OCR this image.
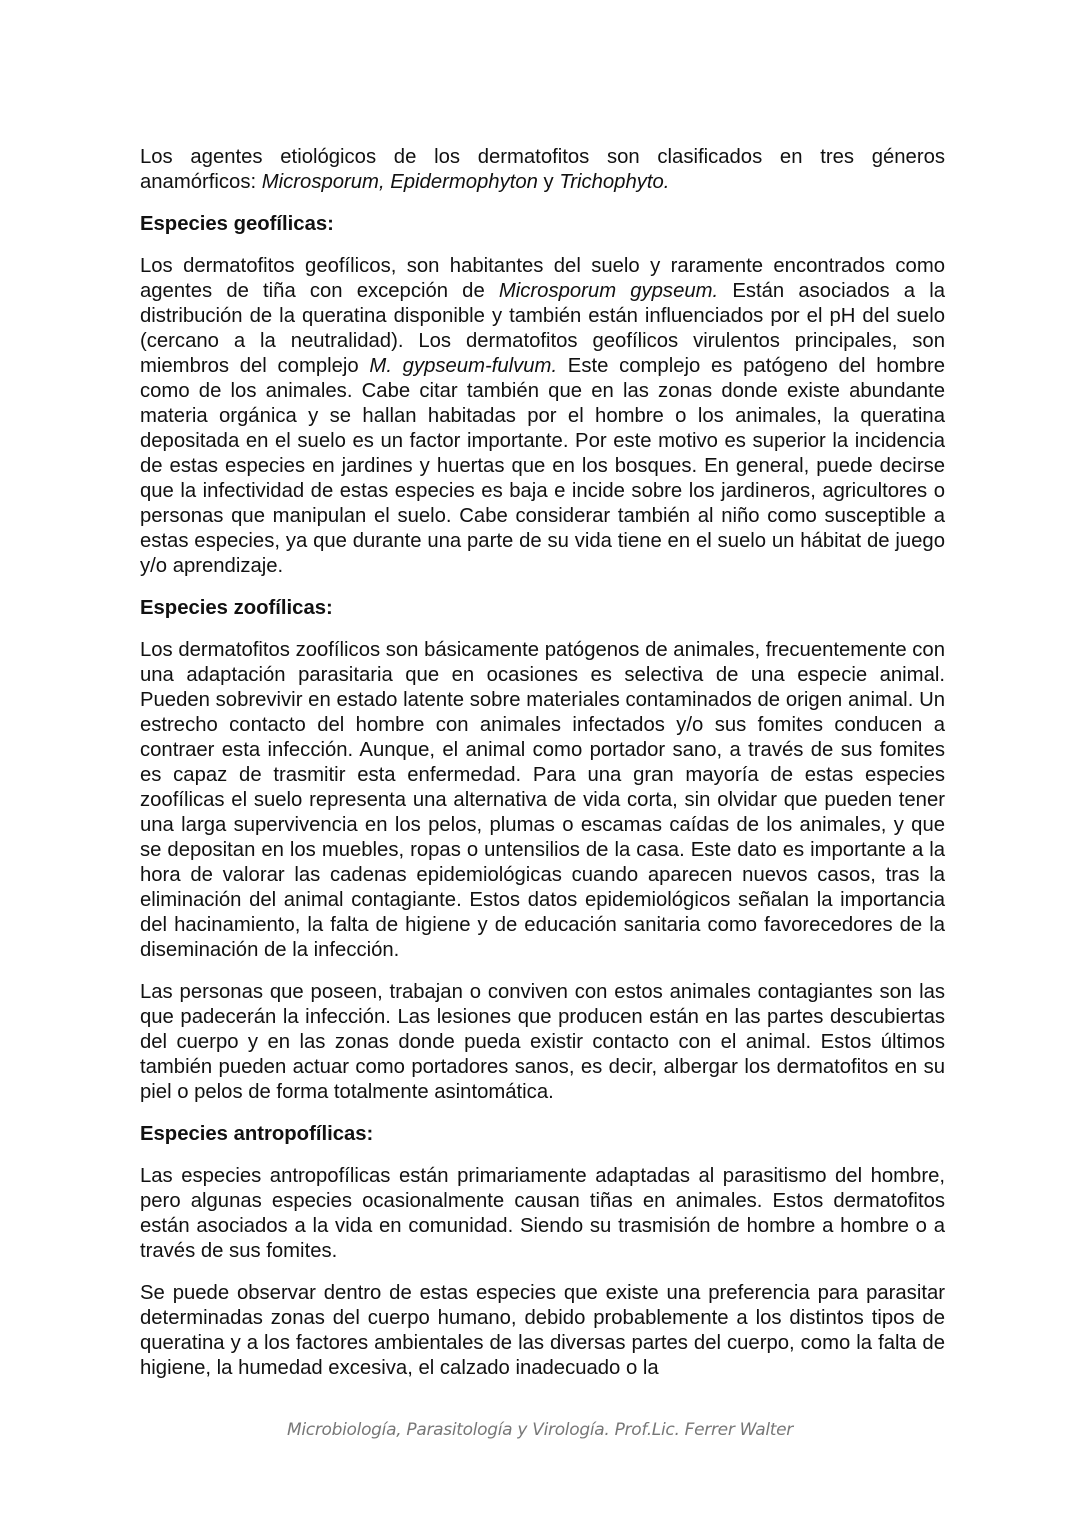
Los agentes etiológicos de los dermatofitos son clasificados en tres géneros anamórficos: Microsporum, Epidermophyton y Trichophyto.

Especies geofílicas:

Los dermatofitos geofílicos, son habitantes del suelo y raramente encontrados como agentes de tiña con excepción de Microsporum gypseum. Están asociados a la distribución de la queratina disponible y también están influenciados por el pH del suelo (cercano a la neutralidad). Los dermatofitos geofílicos virulentos principales, son miembros del complejo M. gypseum-fulvum. Este complejo es patógeno del hombre como de los animales. Cabe citar también que en las zonas donde existe abundante materia orgánica y se hallan habitadas por el hombre o los animales, la queratina depositada en el suelo es un factor importante. Por este motivo es superior la incidencia de estas especies en jardines y huertas que en los bosques. En general, puede decirse que la infectividad de estas especies es baja e incide sobre los jardineros, agricultores o personas que manipulan el suelo. Cabe considerar también al niño como susceptible a estas especies, ya que durante una parte de su vida tiene en el suelo un hábitat de juego y/o aprendizaje.

Especies zoofílicas:

Los dermatofitos zoofílicos son básicamente patógenos de animales, frecuentemente con una adaptación parasitaria que en ocasiones es selectiva de una especie animal. Pueden sobrevivir en estado latente sobre materiales contaminados de origen animal. Un estrecho contacto del hombre con animales infectados y/o sus fomites conducen a contraer esta infección. Aunque, el animal como portador sano, a través de sus fomites es capaz de trasmitir esta enfermedad. Para una gran mayoría de estas especies zoofílicas el suelo representa una alternativa de vida corta, sin olvidar que pueden tener una larga supervivencia en los pelos, plumas o escamas caídas de los animales, y que se depositan en los muebles, ropas o untensilios de la casa. Este dato es importante a la hora de valorar las cadenas epidemiológicas cuando aparecen nuevos casos, tras la eliminación del animal contagiante. Estos datos epidemiológicos señalan la importancia del hacinamiento, la falta de higiene y de educación sanitaria como favorecedores de la diseminación de la infección.

Las personas que poseen, trabajan o conviven con estos animales contagiantes son las que padecerán la infección. Las lesiones que producen están en las partes descubiertas del cuerpo y en las zonas donde pueda existir contacto con el animal. Estos últimos también pueden actuar como portadores sanos, es decir, albergar los dermatofitos en su piel o pelos de forma totalmente asintomática.

Especies antropofílicas:

Las especies antropofílicas están primariamente adaptadas al parasitismo del hombre, pero algunas especies ocasionalmente causan tiñas en animales. Estos dermatofitos están asociados a la vida en comunidad. Siendo su trasmisión de hombre a hombre o a través de sus fomites.

Se puede observar dentro de estas especies que existe una preferencia para parasitar determinadas zonas del cuerpo humano, debido probablemente a los distintos tipos de queratina y a los factores ambientales de las diversas partes del cuerpo, como la falta de higiene, la humedad excesiva, el calzado inadecuado o la

Microbiología, Parasitología y Virología. Prof.Lic. Ferrer Walter
